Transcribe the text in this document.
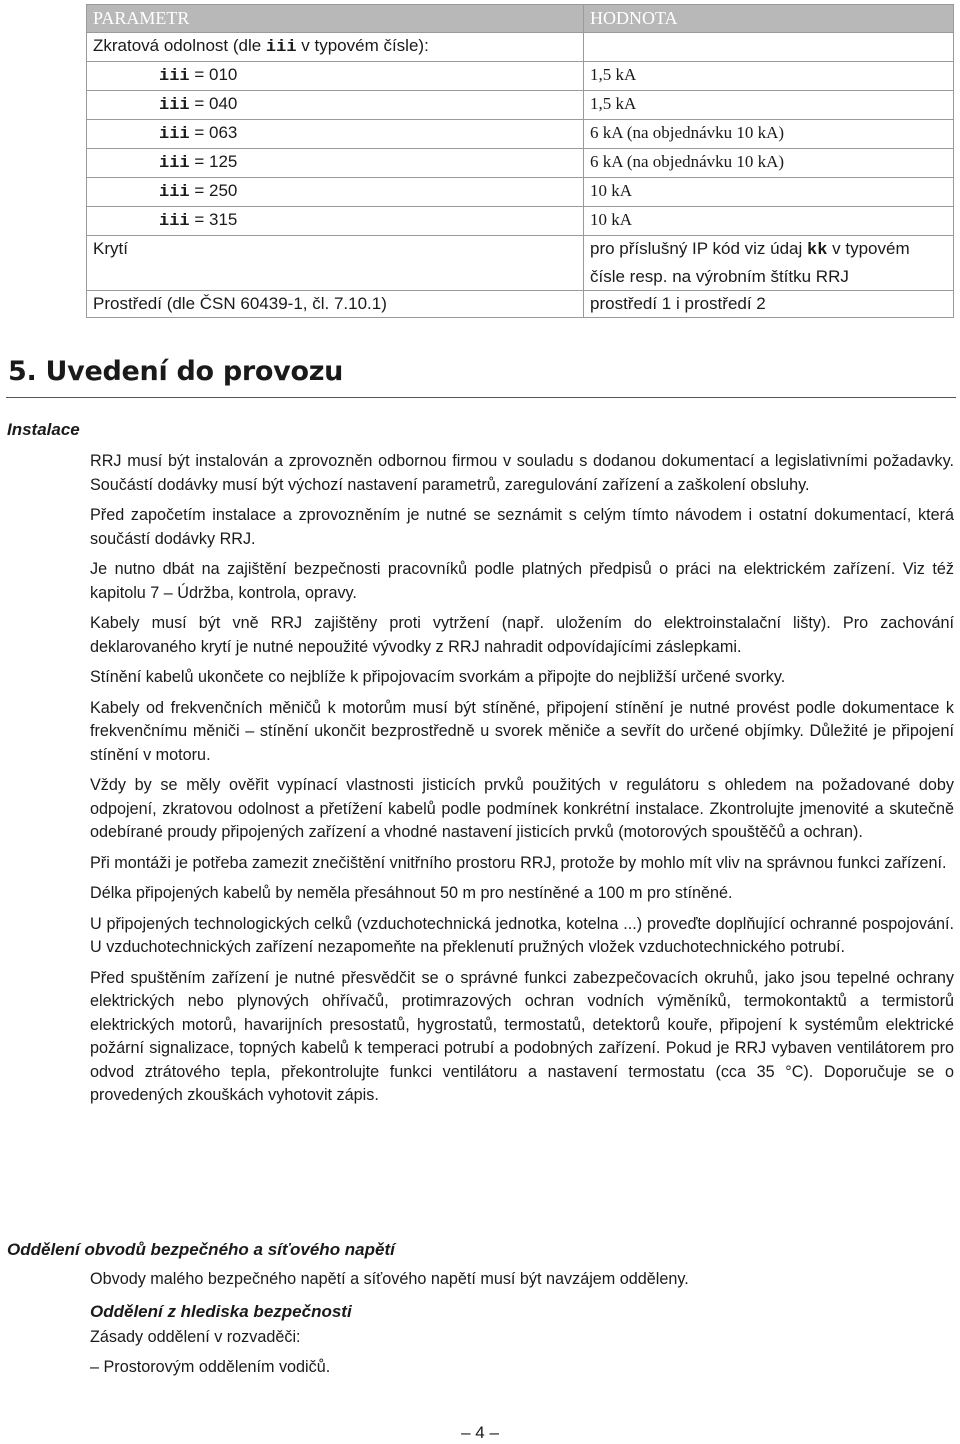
PARAMETR	HODNOTA
Zkratová odolnost (dle iii v typovém čísle):	
iii = 010	1,5 kA
iii = 040	1,5 kA
iii = 063	6 kA (na objednávku 10 kA)
iii = 125	6 kA (na objednávku 10 kA)
iii = 250	10 kA
iii = 315	10 kA
Krytí	pro příslušný IP kód viz údaj kk v typovém čísle resp. na výrobním štítku RRJ
Prostředí (dle ČSN 60439-1, čl. 7.10.1)	prostředí 1 i prostředí 2
5. Uvedení do provozu
Instalace

RRJ musí být instalován a zprovozněn odbornou firmou v souladu s dodanou dokumentací a legislativními požadavky. Součástí dodávky musí být výchozí nastavení parametrů, zaregulování zařízení a zaškolení obsluhy.

Před započetím instalace a zprovozněním je nutné se seznámit s celým tímto návodem i ostatní dokumentací, která součástí dodávky RRJ.

Je nutno dbát na zajištění bezpečnosti pracovníků podle platných předpisů o práci na elektrickém zařízení. Viz též kapitolu 7 – Údržba, kontrola, opravy.

Kabely musí být vně RRJ zajištěny proti vytržení (např. uložením do elektroinstalační lišty). Pro zachování deklarovaného krytí je nutné nepoužité vývodky z RRJ nahradit odpovídajícími záslepkami.

Stínění kabelů ukončete co nejblíže k připojovacím svorkám a připojte do nejbližší určené svorky.

Kabely od frekvenčních měničů k motorům musí být stíněné, připojení stínění je nutné provést podle dokumentace k frekvenčnímu měniči – stínění ukončit bezprostředně u svorek měniče a sevřít do určené objímky. Důležité je připojení stínění v motoru.

Vždy by se měly ověřit vypínací vlastnosti jisticích prvků použitých v regulátoru s ohledem na požadované doby odpojení, zkratovou odolnost a přetížení kabelů podle podmínek konkrétní instalace. Zkontrolujte jmenovité a skutečně odebírané proudy připojených zařízení a vhodné nastavení jisticích prvků (motorových spouštěčů a ochran).

Při montáži je potřeba zamezit znečištění vnitřního prostoru RRJ, protože by mohlo mít vliv na správnou funkci zařízení.

Délka připojených kabelů by neměla přesáhnout 50 m pro nestíněné a 100 m pro stíněné.

U připojených technologických celků (vzduchotechnická jednotka, kotelna ...) proveďte doplňující ochranné pospojování. U vzduchotechnických zařízení nezapomeňte na překlenutí pružných vložek vzduchotechnického potrubí.

Před spuštěním zařízení je nutné přesvědčit se o správné funkci zabezpečovacích okruhů, jako jsou tepelné ochrany elektrických nebo plynových ohřívačů, protimrazových ochran vodních výměníků, termokontaktů a termistorů elektrických motorů, havarijních presostatů, hygrostatů, termostatů, detektorů kouře, připojení k systémům elektrické požární signalizace, topných kabelů k temperaci potrubí a podobných zařízení. Pokud je RRJ vybaven ventilátorem pro odvod ztrátového tepla, překontrolujte funkci ventilátoru a nastavení termostatu (cca 35 °C). Doporučuje se o provedených zkouškách vyhotovit zápis.

Oddělení obvodů bezpečného a síťového napětí
Obvody malého bezpečného napětí a síťového napětí musí být navzájem odděleny.
Oddělení z hlediska bezpečnosti
Zásady oddělení v rozvaděči:
– Prostorovým oddělením vodičů.
– 4 –
